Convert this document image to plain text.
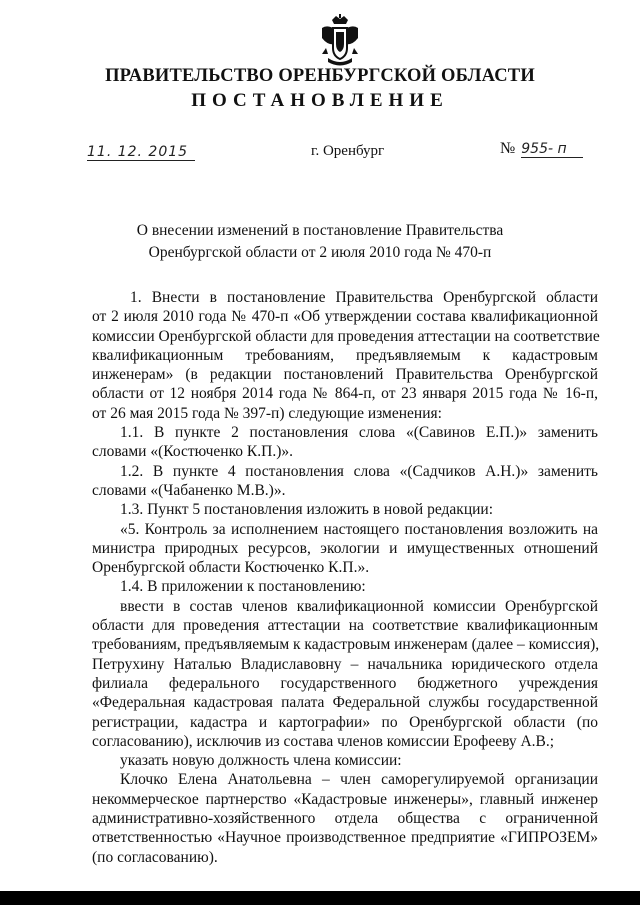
ПРАВИТЕЛЬСТВО ОРЕНБУРГСКОЙ ОБЛАСТИ
ПОСТАНОВЛЕНИЕ
11. 12. 2015	г. Оренбург	№ 955- п
О внесении изменений в постановление Правительства
Оренбургской области от 2 июля 2010 года № 470-п
1. Внести в постановление Правительства Оренбургской области
от 2 июля 2010 года № 470-п «Об утверждении состава квалификационной
комиссии Оренбургской области для проведения аттестации на соответствие
квалификационным требованиям, предъявляемым к кадастровым
инженерам» (в редакции постановлений Правительства Оренбургской
области от 12 ноября 2014 года № 864-п, от 23 января 2015 года № 16-п,
от 26 мая 2015 года № 397-п) следующие изменения:
1.1. В пункте 2 постановления слова «(Савинов Е.П.)» заменить
словами «(Костюченко К.П.)».
1.2. В пункте 4 постановления слова «(Садчиков А.Н.)» заменить
словами «(Чабаненко М.В.)».
1.3. Пункт 5 постановления изложить в новой редакции:
«5. Контроль за исполнением настоящего постановления возложить на
министра природных ресурсов, экологии и имущественных отношений
Оренбургской области Костюченко К.П.».
1.4. В приложении к постановлению:
ввести в состав членов квалификационной комиссии Оренбургской
области для проведения аттестации на соответствие квалификационным
требованиям, предъявляемым к кадастровым инженерам (далее – комиссия),
Петрухину Наталью Владиславовну – начальника юридического отдела
филиала федерального государственного бюджетного учреждения
«Федеральная кадастровая палата Федеральной службы государственной
регистрации, кадастра и картографии» по Оренбургской области (по
согласованию), исключив из состава членов комиссии Ерофееву А.В.;
указать новую должность члена комиссии:
Клочко Елена Анатольевна – член саморегулируемой организации
некоммерческое партнерство «Кадастровые инженеры», главный инженер
административно-хозяйственного отдела общества с ограниченной
ответственностью «Научное производственное предприятие «ГИПРОЗЕМ»
(по согласованию).
